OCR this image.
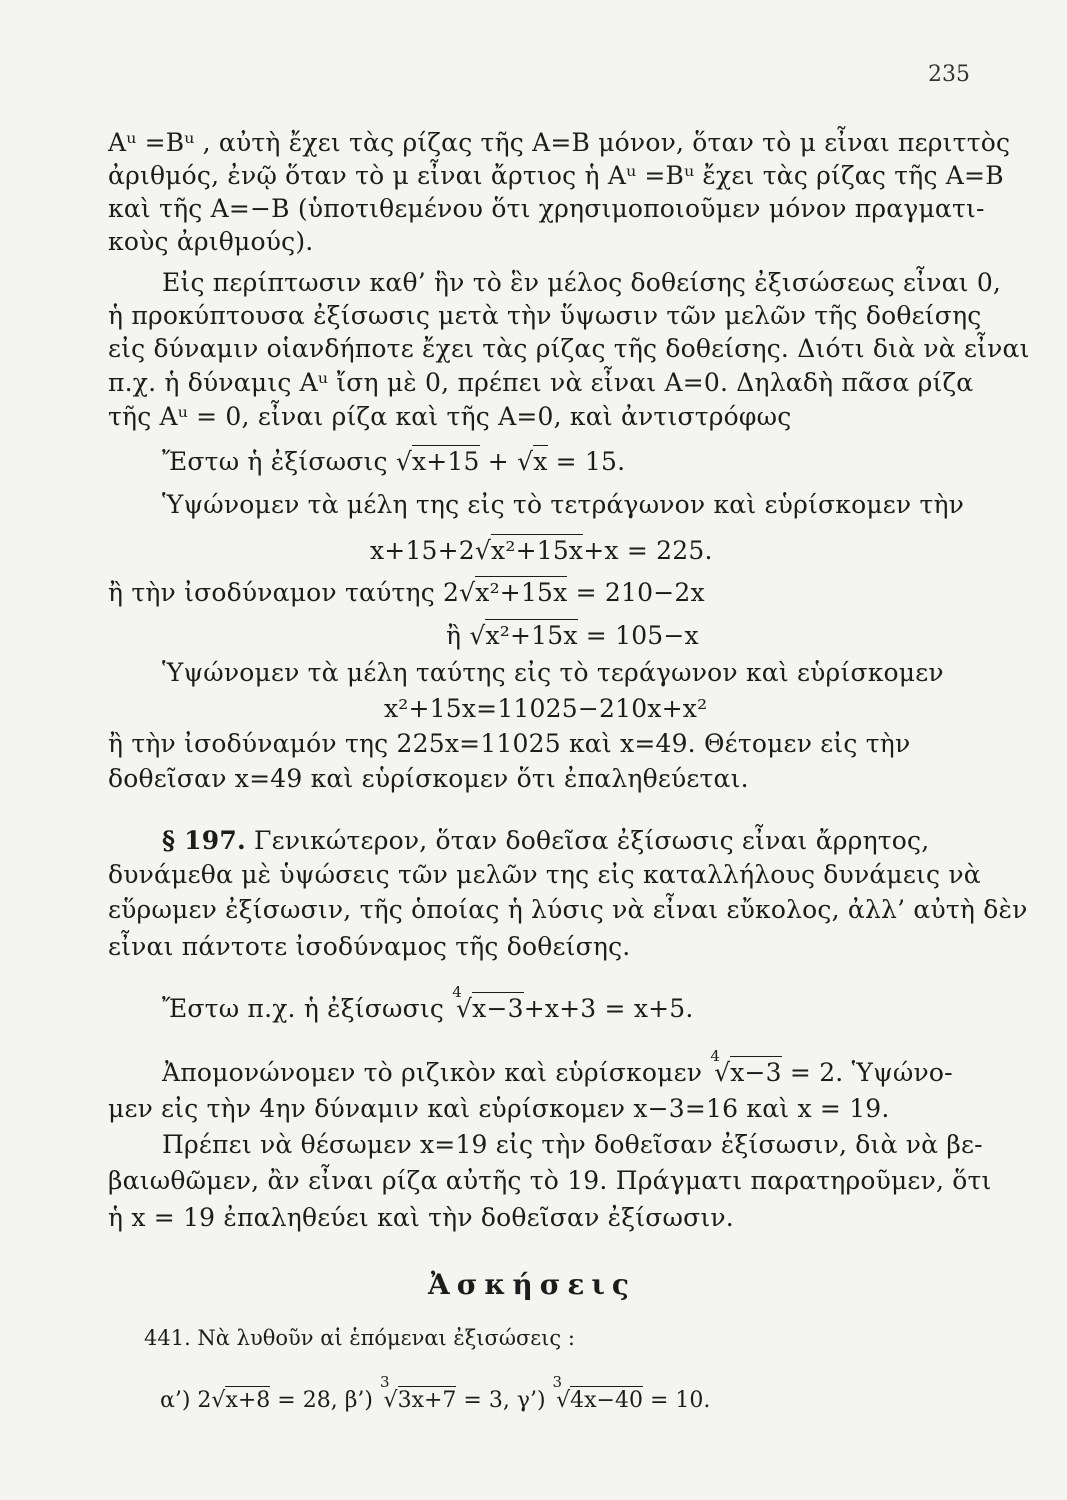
235
Aᵘ =Bᵘ , αὐτὴ ἔχει τὰς ρίζας τῆς A=B μόνον, ὅταν τὸ μ εἶναι περιττὸς
ἀριθμός, ἐνῷ ὅταν τὸ μ εἶναι ἄρτιος ἡ Aᵘ =Bᵘ ἔχει τὰς ρίζας τῆς A=B
καὶ τῆς A=−B (ὑποτιθεμένου ὅτι χρησιμοποιοῦμεν μόνον πραγματι-
κοὺς ἀριθμούς).
Εἰς περίπτωσιν καθ’ ἣν τὸ ἓν μέλος δοθείσης ἐξισώσεως εἶναι 0,
ἡ προκύπτουσα ἐξίσωσις μετὰ τὴν ὕψωσιν τῶν μελῶν τῆς δοθείσης
εἰς δύναμιν οἱανδήποτε ἔχει τὰς ρίζας τῆς δοθείσης. Διότι διὰ νὰ εἶναι
π.χ. ἡ δύναμις Aᵘ ἴση μὲ 0, πρέπει νὰ εἶναι A=0. Δηλαδὴ πᾶσα ρίζα
τῆς Aᵘ = 0, εἶναι ρίζα καὶ τῆς A=0, καὶ ἀντιστρόφως
Ἔστω ἡ ἐξίσωσις √x+15 + √x = 15.
Ὑψώνομεν τὰ μέλη της εἰς τὸ τετράγωνον καὶ εὑρίσκομεν τὴν
x+15+2√x²+15x+x = 225.
ἢ τὴν ἰσοδύναμον ταύτης 2√x²+15x = 210−2x
ἢ √x²+15x = 105−x
Ὑψώνομεν τὰ μέλη ταύτης εἰς τὸ τεράγωνον καὶ εὑρίσκομεν
x²+15x=11025−210x+x²
ἢ τὴν ἰσοδύναμόν της 225x=11025 καὶ x=49. Θέτομεν εἰς τὴν
δοθεῖσαν x=49 καὶ εὑρίσκομεν ὅτι ἐπαληθεύεται.
§ 197. Γενικώτερον, ὅταν δοθεῖσα ἐξίσωσις εἶναι ἄρρητος,
δυνάμεθα μὲ ὑψώσεις τῶν μελῶν της εἰς καταλλήλους δυνάμεις νὰ
εὕρωμεν ἐξίσωσιν, τῆς ὁποίας ἡ λύσις νὰ εἶναι εὔκολος, ἀλλ’ αὐτὴ δὲν
εἶναι πάντοτε ἰσοδύναμος τῆς δοθείσης.
Ἔστω π.χ. ἡ ἐξίσωσις $^4$√x−3+x+3 = x+5.
Ἀπομονώνομεν τὸ ριζικὸν καὶ εὑρίσκομεν $^4$√x−3 = 2. Ὑψώνο-
μεν εἰς τὴν 4ην δύναμιν καὶ εὑρίσκομεν x−3=16 καὶ x = 19.
Πρέπει νὰ θέσωμεν x=19 εἰς τὴν δοθεῖσαν ἐξίσωσιν, διὰ νὰ βε-
βαιωθῶμεν, ἂν εἶναι ρίζα αὐτῆς τὸ 19. Πράγματι παρατηροῦμεν, ὅτι
ἡ x = 19 ἐπαληθεύει καὶ τὴν δοθεῖσαν ἐξίσωσιν.
Ἀσκήσεις
441. Νὰ λυθοῦν αἱ ἑπόμεναι ἐξισώσεις :
α’) 2√x+8 = 28, β’) $^3$√3x+7 = 3, γ’) $^3$√4x−40 = 10.
